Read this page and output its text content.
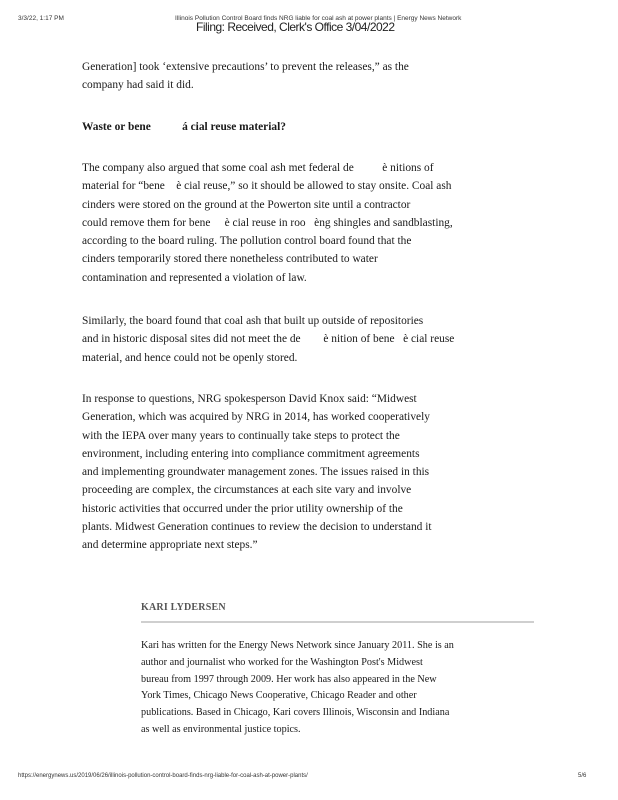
3/3/22, 1:17 PM	Illinois Pollution Control Board finds NRG liable for coal ash at power plants | Energy News Network
Filing: Received, Clerk's Office 3/04/2022
Generation] took ‘extensive precautions’ to prevent the releases,” as the
company had said it did.
Waste or bene           á cial reuse material?
The company also argued that some coal ash met federal de          è nitions of
material for “bene    è cial reuse,” so it should be allowed to stay onsite. Coal ash
cinders were stored on the ground at the Powerton site until a contractor
could remove them for bene     è cial reuse in roo   èng shingles and sandblasting,
according to the board ruling. The pollution control board found that the
cinders temporarily stored there nonetheless contributed to water
contamination and represented a violation of law.
Similarly, the board found that coal ash that built up outside of repositories
and in historic disposal sites did not meet the de        è nition of bene   è cial reuse
material, and hence could not be openly stored.
In response to questions, NRG spokesperson David Knox said: “Midwest
Generation, which was acquired by NRG in 2014, has worked cooperatively
with the IEPA over many years to continually take steps to protect the
environment, including entering into compliance commitment agreements
and implementing groundwater management zones. The issues raised in this
proceeding are complex, the circumstances at each site vary and involve
historic activities that occurred under the prior utility ownership of the
plants. Midwest Generation continues to review the decision to understand it
and determine appropriate next steps.”
KARI LYDERSEN
Kari has written for the Energy News Network since January 2011. She is an
author and journalist who worked for the Washington Post's Midwest
bureau from 1997 through 2009. Her work has also appeared in the New
York Times, Chicago News Cooperative, Chicago Reader and other
publications. Based in Chicago, Kari covers Illinois, Wisconsin and Indiana
as well as environmental justice topics.
https://energynews.us/2019/06/26/illinois-pollution-control-board-finds-nrg-liable-for-coal-ash-at-power-plants/	5/6
